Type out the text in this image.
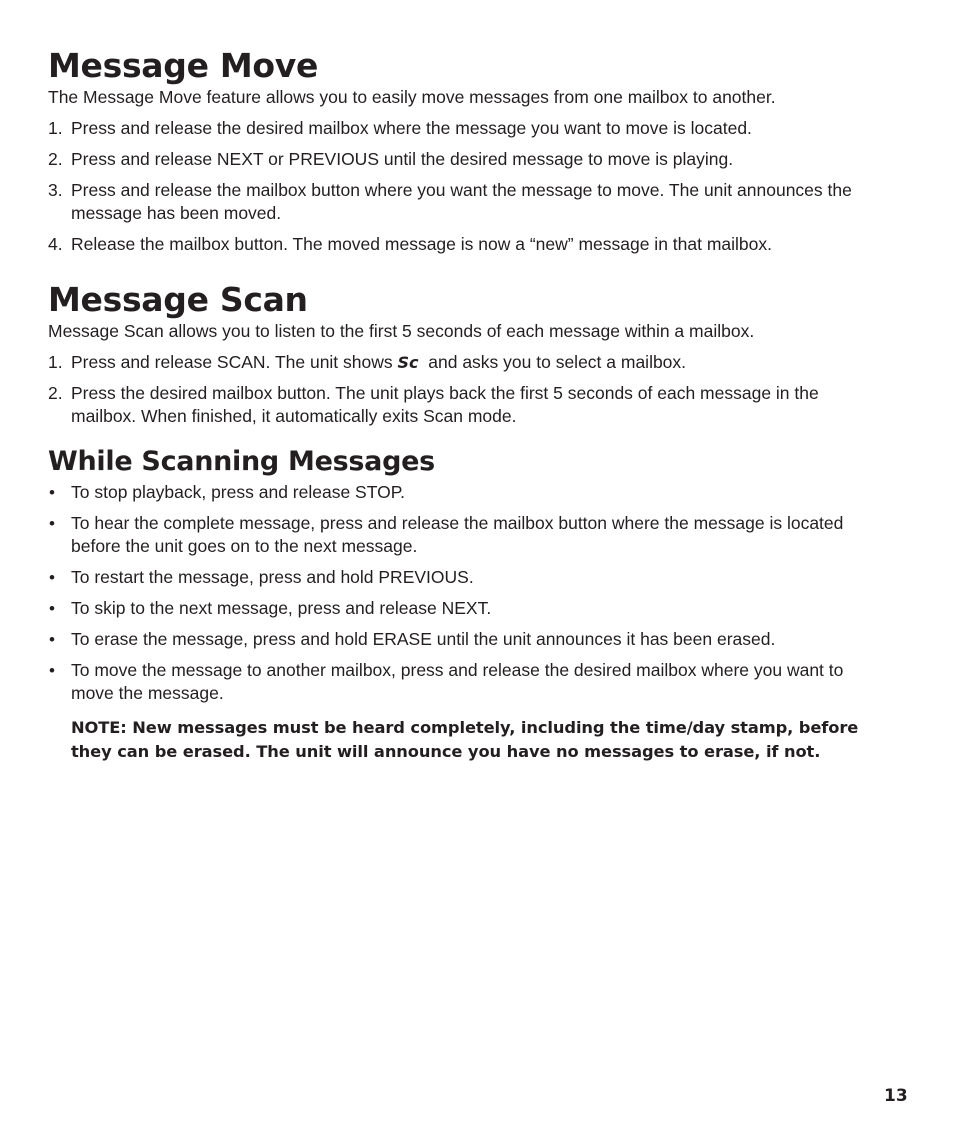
Message Move

The Message Move feature allows you to easily move messages from one mailbox to another.

1. Press and release the desired mailbox where the message you want to move is located.
2. Press and release NEXT or PREVIOUS until the desired message to move is playing.
3. Press and release the mailbox button where you want the message to move. The unit announces the message has been moved.
4. Release the mailbox button. The moved message is now a “new” message in that mailbox.
Message Scan

Message Scan allows you to listen to the first 5 seconds of each message within a mailbox.

1. Press and release SCAN. The unit shows Sc  and asks you to select a mailbox.
2. Press the desired mailbox button. The unit plays back the first 5 seconds of each message in the mailbox. When finished, it automatically exits Scan mode.
While Scanning Messages
• To stop playback, press and release STOP.
• To hear the complete message, press and release the mailbox button where the message is located before the unit goes on to the next message.
• To restart the message, press and hold PREVIOUS.
• To skip to the next message, press and release NEXT.
• To erase the message, press and hold ERASE until the unit announces it has been erased.
• To move the message to another mailbox, press and release the desired mailbox where you want to move the message.

NOTE: New messages must be heard completely, including the time/day stamp, before they can be erased. The unit will announce you have no messages to erase, if not.

13
